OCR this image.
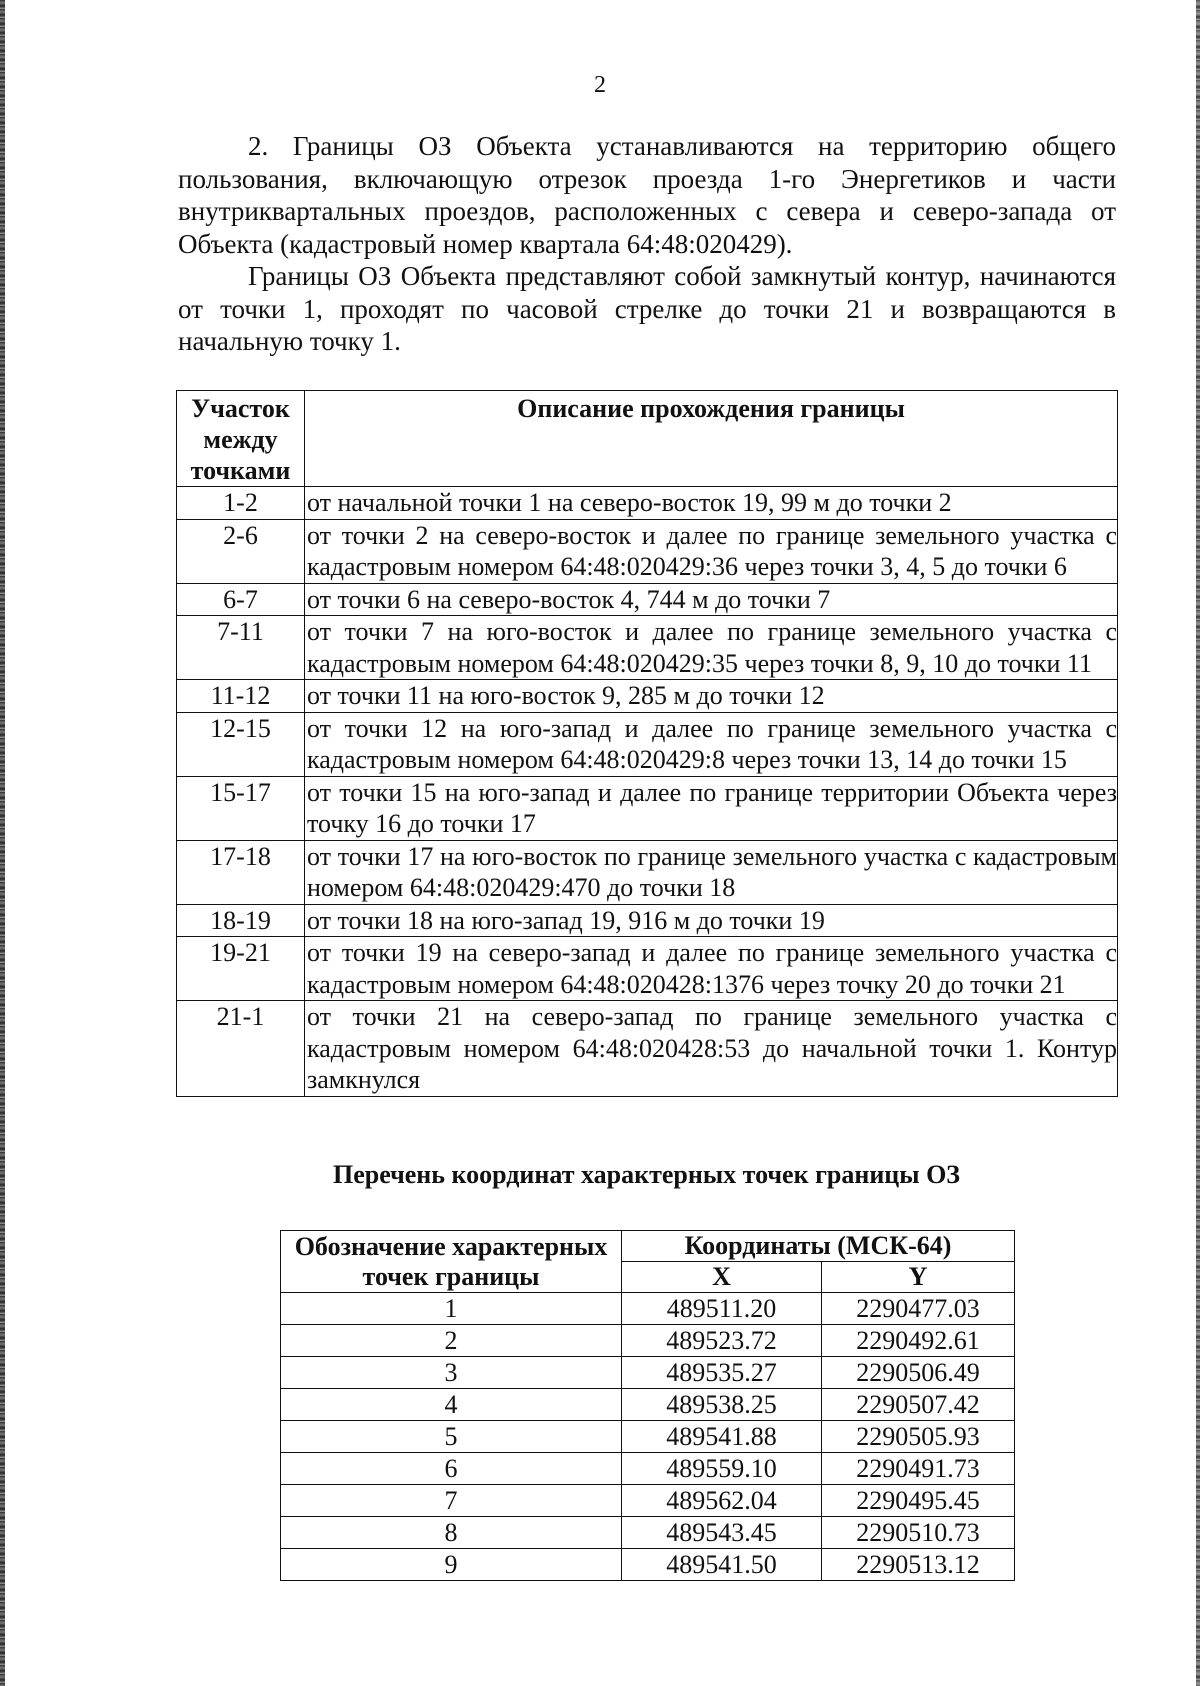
2

2. Границы ОЗ Объекта устанавливаются на территорию общего пользования, включающую отрезок проезда 1-го Энергетиков и части внутриквартальных проездов, расположенных с севера и северо-запада от Объекта (кадастровый номер квартала 64:48:020429).

Границы ОЗ Объекта представляют собой замкнутый контур, начинаются от точки 1, проходят по часовой стрелке до точки 21 и возвращаются в начальную точку 1.

Участок
между
точками	Описание прохождения границы
1-2	от начальной точки 1 на северо-восток 19, 99 м до точки 2
2-6	от точки 2 на северо-восток и далее по границе земельного участка с кадастровым номером 64:48:020429:36 через точки 3, 4, 5 до точки 6
6-7	от точки 6 на северо-восток 4, 744 м до точки 7
7-11	от точки 7 на юго-восток и далее по границе земельного участка с кадастровым номером 64:48:020429:35 через точки 8, 9, 10 до точки 11
11-12	от точки 11 на юго-восток 9, 285 м до точки 12
12-15	от точки 12 на юго-запад и далее по границе земельного участка с кадастровым номером 64:48:020429:8 через точки 13, 14 до точки 15
15-17	от точки 15 на юго-запад и далее по границе территории Объекта через точку 16 до точки 17
17-18	от точки 17 на юго-восток по границе земельного участка с кадастровым номером 64:48:020429:470 до точки 18
18-19	от точки 18 на юго-запад 19, 916 м до точки 19
19-21	от точки 19 на северо-запад и далее по границе земельного участка с кадастровым номером 64:48:020428:1376 через точку 20 до точки 21
21-1	от точки 21 на северо-запад по границе земельного участка с кадастровым номером 64:48:020428:53 до начальной точки 1. Контур замкнулся
Перечень координат характерных точек границы ОЗ
Обозначение характерных
точек границы	Координаты (МСК-64)	
	X	Y
1	489511.20	2290477.03
2	489523.72	2290492.61
3	489535.27	2290506.49
4	489538.25	2290507.42
5	489541.88	2290505.93
6	489559.10	2290491.73
7	489562.04	2290495.45
8	489543.45	2290510.73
9	489541.50	2290513.12
